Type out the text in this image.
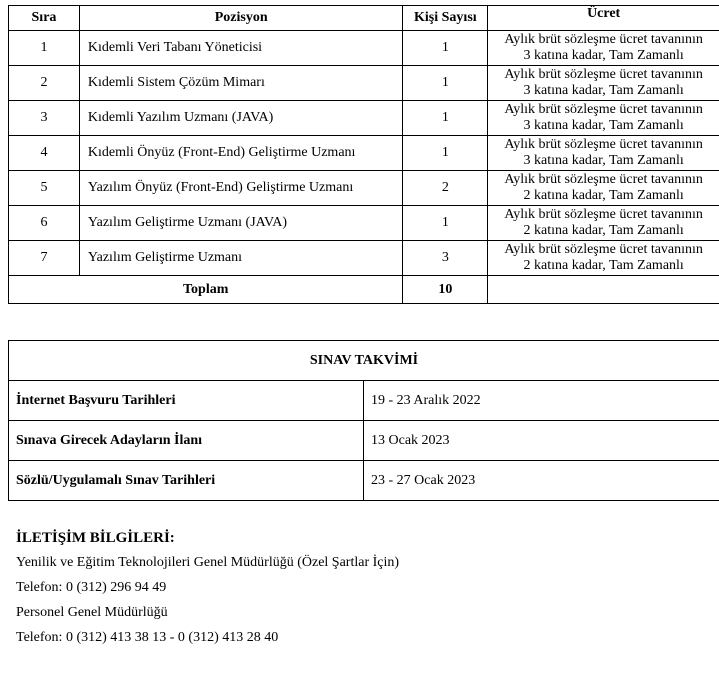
Sıra	Pozisyon	Kişi Sayısı	Ücret
1	Kıdemli Veri Tabanı Yöneticisi	1	Aylık brüt sözleşme ücret tavanının
3 katına kadar, Tam Zamanlı

2	Kıdemli Sistem Çözüm Mimarı	1	Aylık brüt sözleşme ücret tavanının
3 katına kadar, Tam Zamanlı

3	Kıdemli Yazılım Uzmanı (JAVA)	1	Aylık brüt sözleşme ücret tavanının
3 katına kadar, Tam Zamanlı

4	Kıdemli Önyüz (Front-End) Geliştirme Uzmanı	1	Aylık brüt sözleşme ücret tavanının
3 katına kadar, Tam Zamanlı

5	Yazılım Önyüz (Front-End) Geliştirme Uzmanı	2	Aylık brüt sözleşme ücret tavanının
2 katına kadar, Tam Zamanlı

6	Yazılım Geliştirme Uzmanı (JAVA)	1	Aylık brüt sözleşme ücret tavanının
2 katına kadar, Tam Zamanlı

7	Yazılım Geliştirme Uzmanı	3	Aylık brüt sözleşme ücret tavanının
2 katına kadar, Tam Zamanlı

Toplam		10	
SINAV TAKVİMİ	
İnternet Başvuru Tarihleri	19 - 23 Aralık 2022
Sınava Girecek Adayların İlanı	13 Ocak 2023
Sözlü/Uygulamalı Sınav Tarihleri	23 - 27 Ocak 2023
İLETİŞİM BİLGİLERİ:
Yenilik ve Eğitim Teknolojileri Genel Müdürlüğü (Özel Şartlar İçin)
Telefon: 0 (312) 296 94 49
Personel Genel Müdürlüğü
Telefon: 0 (312) 413 38 13 - 0 (312) 413 28 40
